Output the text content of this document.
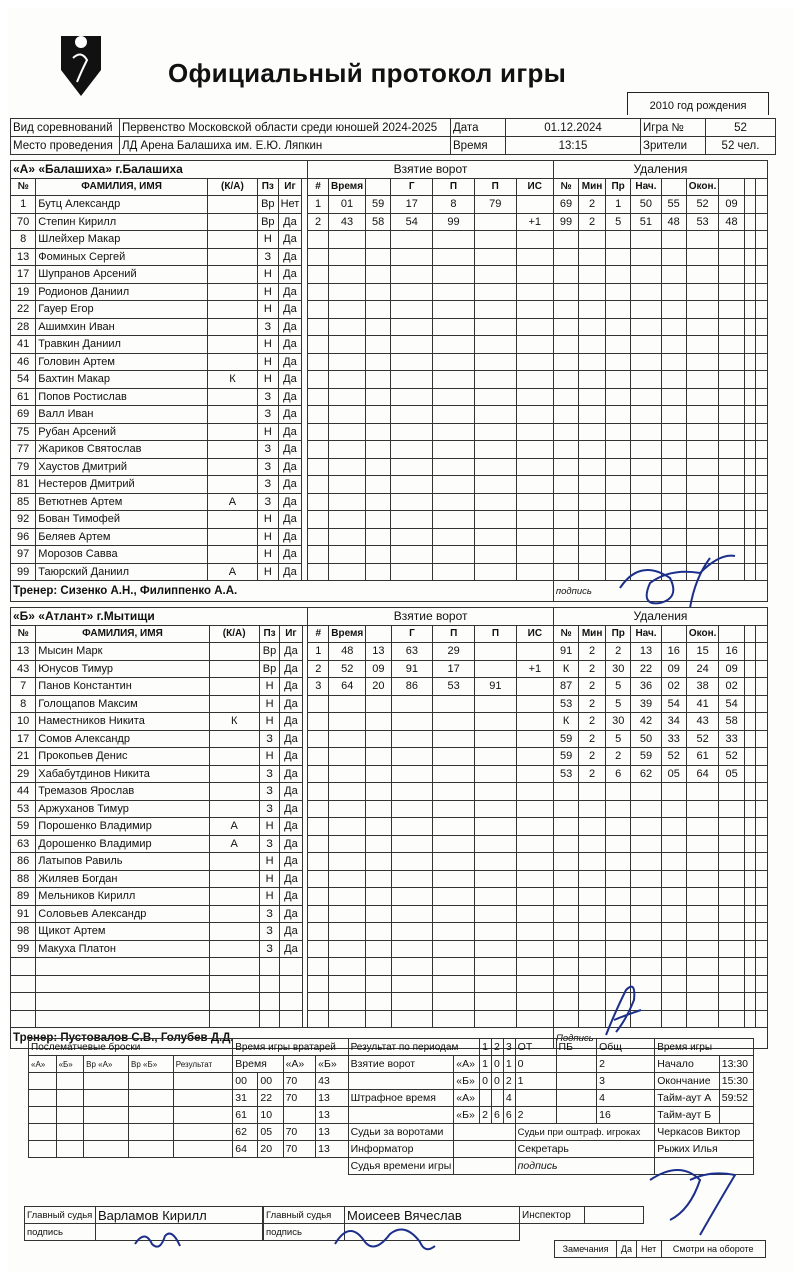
Официальный протокол игры
2010 год рождения
Вид соревнований	Первенство Московской области среди юношей 2024-2025	Дата	01.12.2024	Игра №	52
Место проведения	ЛД Арена Балашиха им. Е.Ю. Ляпкин	Время	13:15	Зрители	52 чел.
«А» «Балашиха» г.Балашиха						Взятие ворот							Удаления								
№	ФАМИЛИЯ, ИМЯ	(К/А)	Пз	Иг		#	Время		Г	П	П	ИС	№	Мин	Пр	Нач.		Окон.			
1	Бутц Александр		Вр	Нет		1	01	59	17	8	79		69	2	1	50	55	52	09		
70	Степин Кирилл		Вр	Да		2	43	58	54	99		+1	99	2	5	51	48	53	48		
8	Шлейхер Макар		Н	Да																	
13	Фоминых Сергей		З	Да																	
17	Шупранов Арсений		Н	Да																	
19	Родионов Даниил		Н	Да																	
22	Гауер Егор		Н	Да																	
28	Ашимхин Иван		З	Да																	
41	Травкин Даниил		Н	Да																	
46	Головин Артем		Н	Да																	
54	Бахтин Макар	К	Н	Да																	
61	Попов Ростислав		З	Да																	
69	Валл Иван		З	Да																	
75	Рубан Арсений		Н	Да																	
77	Жариков Святослав		З	Да																	
79	Хаустов Дмитрий		З	Да																	
81	Нестеров Дмитрий		З	Да																	
85	Ветютнев Артем	А	З	Да																	
92	Бован Тимофей		Н	Да																	
96	Беляев Артем		Н	Да																	
97	Морозов Савва		Н	Да																	
99	Таюрский Даниил	А	Н	Да																	
Тренер: Сизенко А.Н., Филиппенко А.А.													подпись								
«Б» «Атлант» г.Мытищи						Взятие ворот							Удаления								
№	ФАМИЛИЯ, ИМЯ	(К/А)	Пз	Иг		#	Время		Г	П	П	ИС	№	Мин	Пр	Нач.		Окон.			
13	Мысин Марк		Вр	Да		1	48	13	63	29			91	2	2	13	16	15	16		
43	Юнусов Тимур		Вр	Да		2	52	09	91	17		+1	К	2	30	22	09	24	09		
7	Панов Константин		Н	Да		3	64	20	86	53	91		87	2	5	36	02	38	02		
8	Голощапов Максим		Н	Да									53	2	5	39	54	41	54		
10	Наместников Никита	К	Н	Да									К	2	30	42	34	43	58		
17	Сомов Александр		З	Да									59	2	5	50	33	52	33		
21	Прокопьев Денис		Н	Да									59	2	2	59	52	61	52		
29	Хабабутдинов Никита		З	Да									53	2	6	62	05	64	05		
44	Тремазов Ярослав		З	Да																	
53	Аржуханов Тимур		З	Да																	
59	Порошенко Владимир	А	Н	Да																	
63	Дорошенко Владимир	А	З	Да																	
86	Латыпов Равиль		Н	Да																	
88	Жиляев Богдан		Н	Да																	
89	Мельников Кирилл		Н	Да																	
91	Соловьев Александр		З	Да																	
98	Щикот Артем		З	Да																	
99	Макуха Платон		З	Да																	

Тренер: Пустовалов С.В., Голубев Д.Д.													Подпись								
Послематчевые броски					Время игры вратарей				Результат по периодам		1	2	3	ОТ	ПБ	Общ	Время игры	
«А»	«Б»	Вр «А»	Вр «Б»	Результат	Время		«А»	«Б»	Взятие ворот	«А»	1	0	1	0		2	Начало	13:30
					00	00	70	43		«Б»	0	0	2	1		3	Окончание	15:30
					31	22	70	13	Штрафное время	«А»			4			4	Тайм-аут А	59:52
					61	10		13		«Б»	2	6	6	2		16	Тайм-аут Б	
					62	05	70	13	Судьи за воротами					Судьи при оштраф. игроках			Черкасов Виктор	
					64	20	70	13	Информатор					Секретарь			Рыжих Илья	
									Судья времени игры					подпись				
Главный судья	Варламов Кирилл	Главный судья	Моисеев Вячеслав	Инспектор	
подпись		подпись			
Замечания	Да	Нет	Смотри на обороте
